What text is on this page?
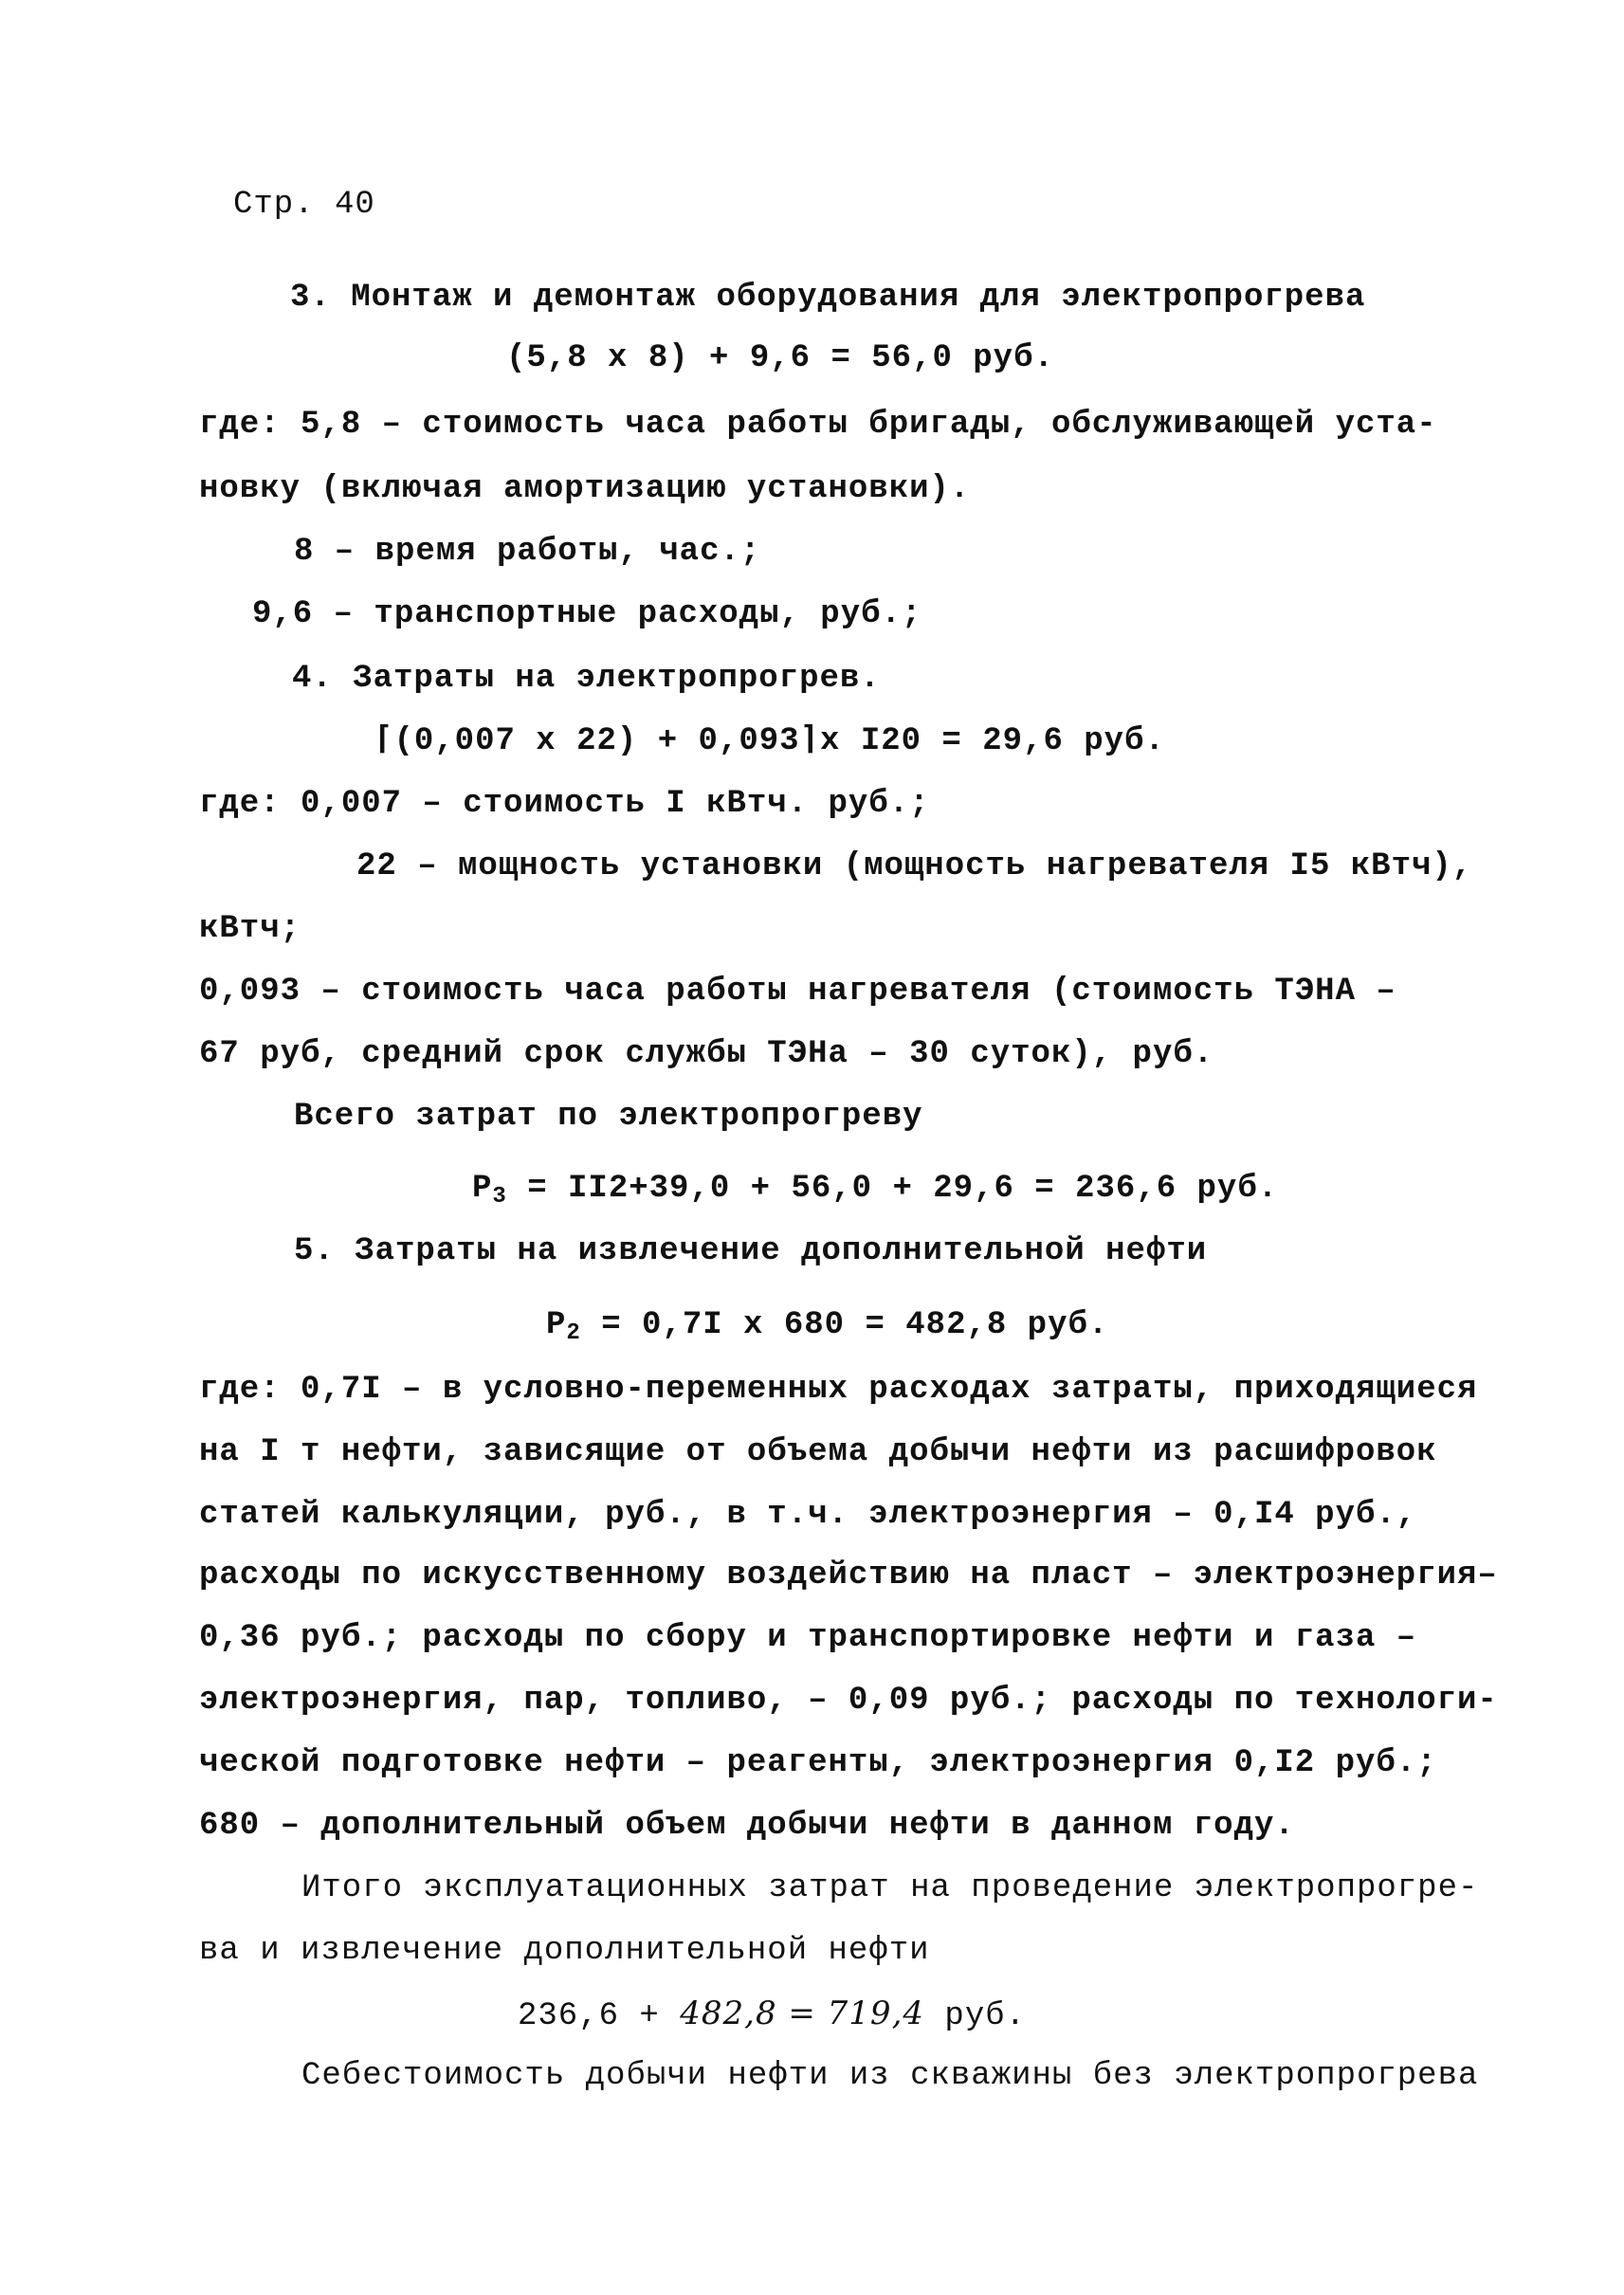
Стр. 40
3. Монтаж и демонтаж оборудования для электропрогрева
(5,8 х 8) + 9,6 = 56,0 руб.
где: 5,8 – стоимость часа работы бригады, обслуживающей уста-
новку (включая амортизацию установки).
8 – время работы, час.;
9,6 – транспортные расходы, руб.;
4. Затраты на электропрогрев.
⌈(0,007 х 22) + 0,093⌉х I20 = 29,6 руб.
где: 0,007 – стоимость I кВтч. руб.;
22 – мощность установки (мощность нагревателя I5 кВтч),
кВтч;
0,093 – стоимость часа работы нагревателя (стоимость ТЭНА –
67 руб, средний срок службы ТЭНа – 30 суток), руб.
Всего затрат по электропрогреву
$P_3 = II2+39,0 + 56,0 + 29,6 = 236,6$ руб.
5. Затраты на извлечение дополнительной нефти
$P_2 = 0,7I$ х 680 = 482,8 руб.
где: 0,7I – в условно-переменных расходах затраты, приходящиеся
на I т нефти, зависящие от объема добычи нефти из расшифровок
статей калькуляции, руб., в т.ч. электроэнергия – 0,I4 руб.,
расходы по искусственному воздействию на пласт – электроэнергия–
0,36 руб.; расходы по сбору и транспортировке нефти и газа –
электроэнергия, пар, топливо, – 0,09 руб.; расходы по технологи-
ческой подготовке нефти – реагенты, электроэнергия 0,I2 руб.;
680 – дополнительный объем добычи нефти в данном году.
Итого эксплуатационных затрат на проведение электропрогре-
ва и извлечение дополнительной нефти
236,6 + 482,8 = 719,4 руб.
Себестоимость добычи нефти из скважины без электропрогрева
